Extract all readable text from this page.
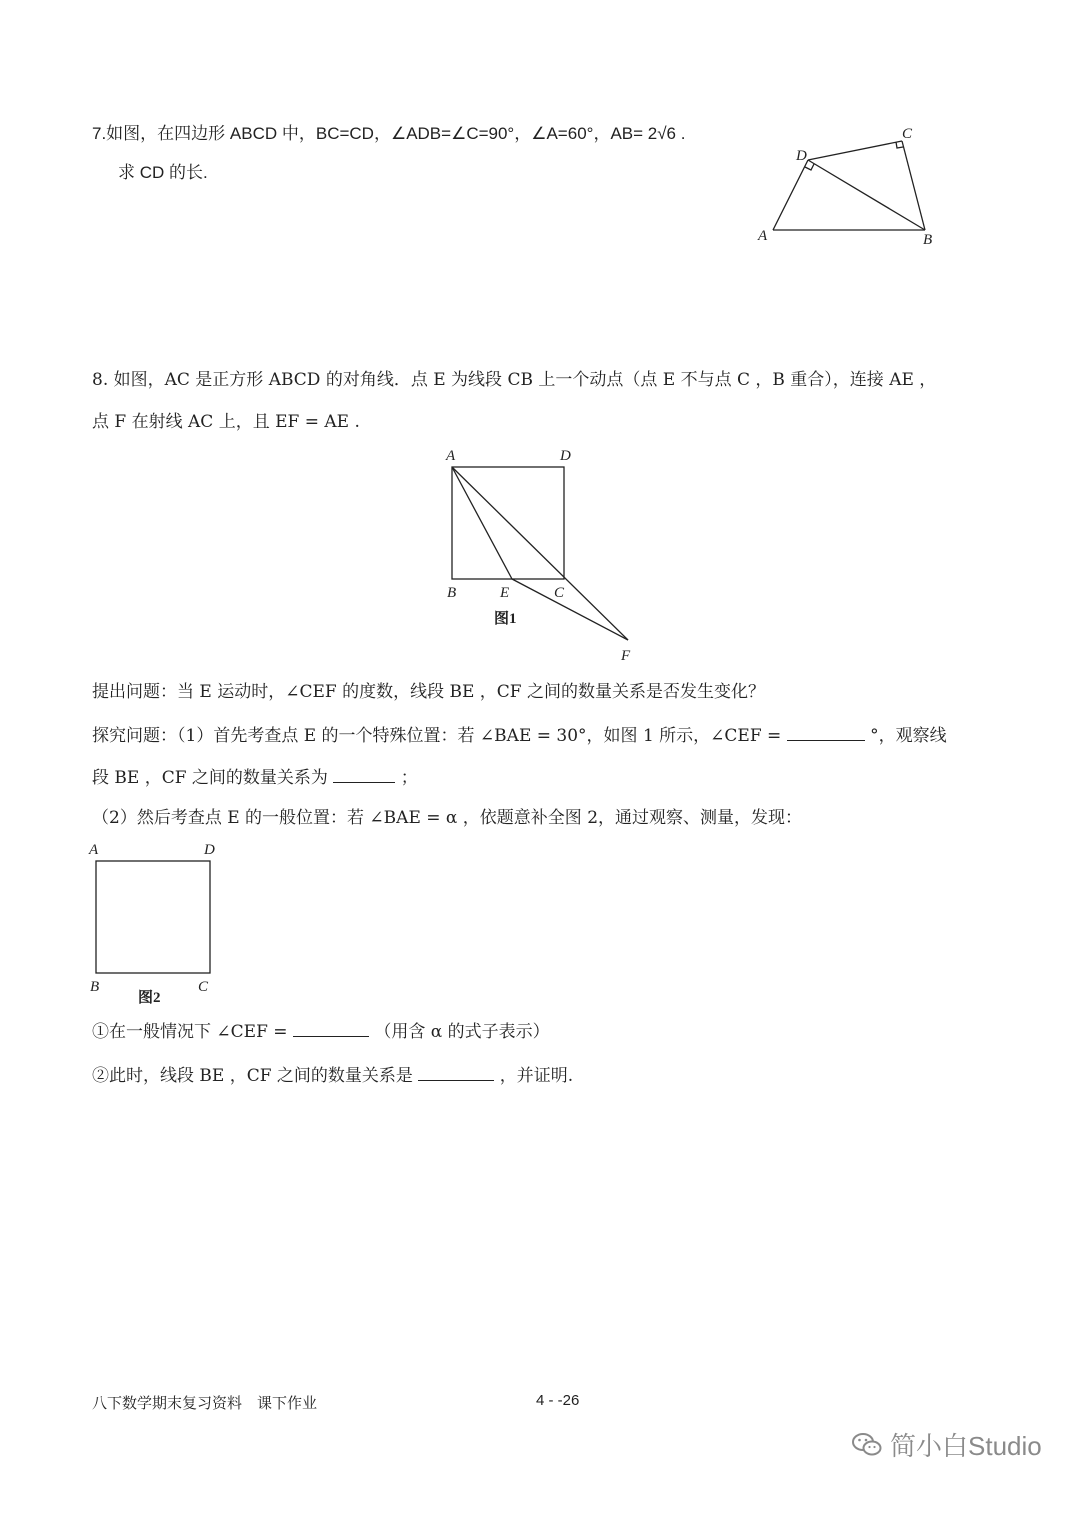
7.如图，在四边形 ABCD 中，BC=CD，∠ADB=∠C=90°，∠A=60°，AB= 2√6 .
求 CD 的长.
A	B
C
D
8. 如图，AC 是正方形 ABCD 的对角线．点 E 为线段 CB 上一个动点（点 E 不与点 C ，B 重合），连接 AE ，
点 F 在射线 AC 上，且 EF = AE .
A	D
B	E	C
F
图1
提出问题：当 E 运动时，∠CEF 的度数，线段 BE ，CF 之间的数量关系是否发生变化？
探究问题：（1）首先考查点 E 的一个特殊位置：若 ∠BAE = 30°，如图 1 所示，∠CEF =	°，观察线
段 BE ，CF 之间的数量关系为	；
（2）然后考查点 E 的一般位置：若 ∠BAE = α ，依题意补全图 2，通过观察、测量，发现：
A	D
B	C
图2
①在一般情况下 ∠CEF =	（用含 α 的式子表示）
②此时，线段 BE ，CF 之间的数量关系是	，并证明.
八下数学期末复习资料　课下作业	4 - -26
简小白Studio
